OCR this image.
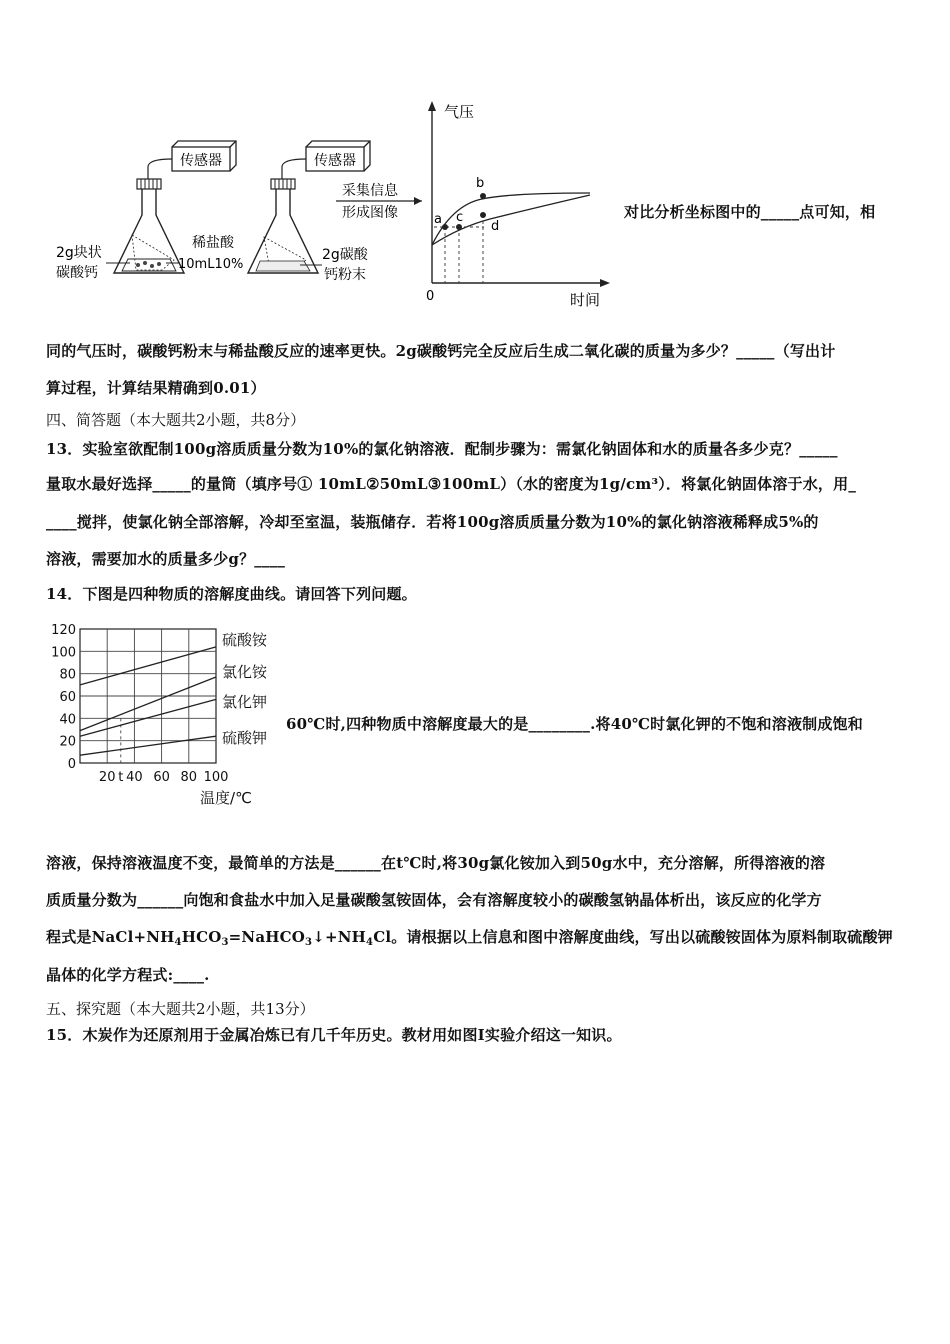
传感器	传感器
2g块状
碳酸钙
稀盐酸
10mL10%
2g碳酸
钙粉末
采集信息
形成图像
气压
时间
0
a
b
c
d
对比分析坐标图中的_____点可知，相
同的气压时，碳酸钙粉末与稀盐酸反应的速率更快。2g碳酸钙完全反应后生成二氧化碳的质量为多少？_____（写出计
算过程，计算结果精确到0.01）
四、简答题（本大题共2小题，共8分）
13．实验室欲配制100g溶质质量分数为10%的氯化钠溶液．配制步骤为：需氯化钠固体和水的质量各多少克？_____
量取水最好选择_____的量筒（填序号① 10mL②50mL③100mL）（水的密度为1g/cm³）．将氯化钠固体溶于水，用_
____搅拌，使氯化钠全部溶解，冷却至室温，装瓶储存．若将100g溶质质量分数为10%的氯化钠溶液稀释成5%的
溶液，需要加水的质量多少g？____
14．下图是四种物质的溶解度曲线。请回答下列问题。
0
20
40
60
80
100
120
20 t 40 60 80 100
温度/℃
硫酸铵
氯化铵
氯化钾
硫酸钾
60℃时,四种物质中溶解度最大的是________.将40℃时氯化钾的不饱和溶液制成饱和
溶液，保持溶液温度不变，最简单的方法是______在t℃时,将30g氯化铵加入到50g水中，充分溶解，所得溶液的溶
质质量分数为______向饱和食盐水中加入足量碳酸氢铵固体，会有溶解度较小的碳酸氢钠晶体析出，该反应的化学方
程式是$NaCl+NH_4HCO_3=NaHCO_3↓+NH_4Cl$。请根据以上信息和图中溶解度曲线，写出以硫酸铵固体为原料制取硫酸钾
晶体的化学方程式:____.
五、探究题（本大题共2小题，共13分）
15．木炭作为还原剂用于金属冶炼已有几千年历史。教材用如图Ⅰ实验介绍这一知识。
